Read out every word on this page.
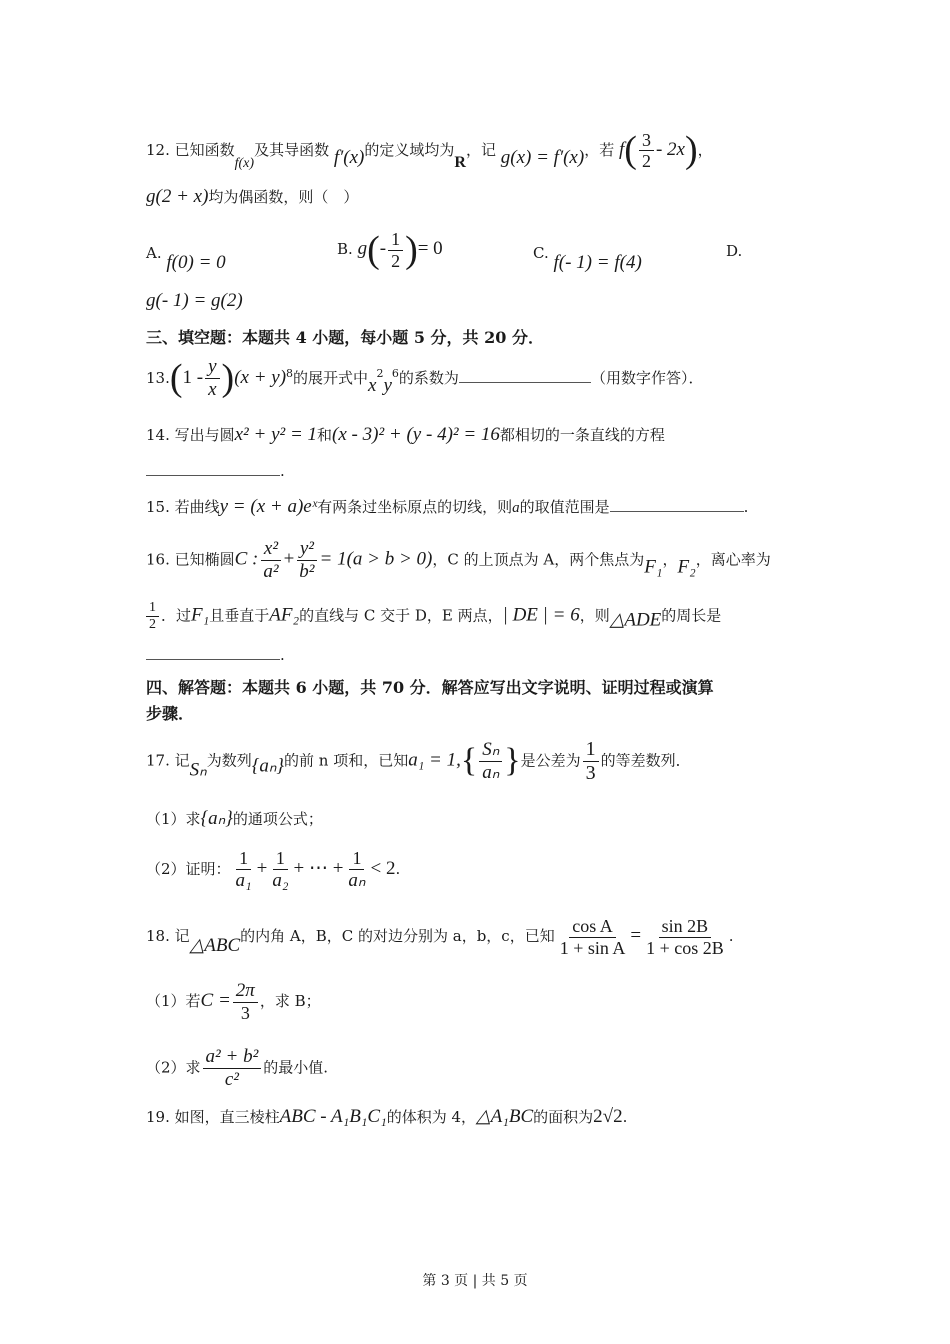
12. 已知函数f(x)及其导函数 f′(x)的定义域均为R，记 g(x) = f′(x)，若 $f( \frac{3}{2} - 2x)$，
g(2 + x)均为偶函数，则（　）
A. f(0) = 0
B. $g(- \frac{1}{2}$ )= 0	C. f(- 1) = f(4)
D.
g(- 1) = g(2)
三、填空题：本题共 4 小题，每小题 5 分，共 20 分．
$13.(1 - \frac{y}{x} )(x + y)^8$的展开式中$x^2y^6$的系数为	（用数字作答）．
14. 写出与圆x² + y² = 1和(x - 3)² + (y - 4)² = 16都相切的一条直线的方程
.
15. 若曲线y = (x + a)eˣ有两条过坐标原点的切线，则a的取值范围是	.
16. 已知椭圆C : $\frac{\text{x²}}{\text{a²}} + \frac{\text{y²}}{\text{b²}} = 1(a > b > 0)$，C 的上顶点为 A，两个焦点为F₁，F₂，离心率为
$\frac{1}{2}$ ．过F₁且垂直于AF₂的直线与 C 交于 D，E 两点，| DE | = 6，则△ADE的周长是
.
四、解答题：本题共 6 小题，共 70 分．解答应写出文字说明、证明过程或演算
步骤．
17. 记Sₙ为数列{aₙ}的前 n 项和，已知$a_1 = 1,\{ \frac{\text{Sₙ}}{\text{aₙ}}$ }是公差为 $\frac{1}{3}$ 的等差数列．
（1）求{aₙ}的通项公式；
（2）证明： $\frac{1}{\text{a₁}} + \frac{1}{\text{a₂}}$ + ⋯ + $\frac{1}{\text{aₙ}} < 2$.
18. 记△ABC的内角 A，B，C 的对边分别为 a，b，c，已知 $\frac{\text{cos A}}{\text{1 + sin A}} = \frac{\sin 2B}{1 + \cos 2B}$ .
（1）若$C = \frac{2\pi}{3}$ ，求 B；
（2）求 $\frac{\text{a² + b²}}{\text{c²}}$ 的最小值.
19. 如图，直三棱柱ABC - A₁B₁C₁的体积为 4，△A₁BC的面积为2√2.
第 3 页 | 共 5 页
